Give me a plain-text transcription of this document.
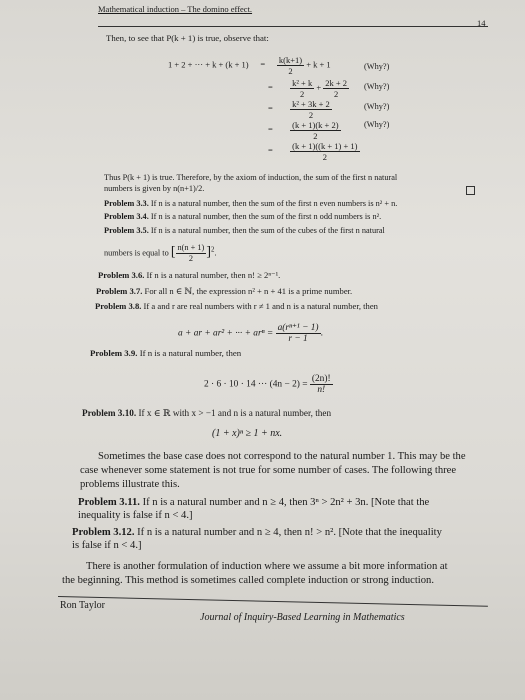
Mathematical induction – The domino effect.
14
Then, to see that P(k + 1) is true, observe that:
1 + 2 + ··· + $k + (k + 1) = \frac{k(k+1)}{2} + k + 1$	(Why?)
= $\frac{\text{k² + k}}{2} + \frac{2k + 2}{2}$ (Why?)
= $\frac{\text{k² + 3k + 2}}{2}$	(Why?)
= $\frac{(k + 1)(k + 2)}{2}$	(Why?)
= $\frac{(k + 1)((k + 1) + 1)}{2}$
Thus P(k + 1) is true. Therefore, by the axiom of induction, the sum of the first n natural
numbers is given by n(n+1)/2.
Problem 3.3. If n is a natural number, then the sum of the first n even numbers is n² + n.
Problem 3.4. If n is a natural number, then the sum of the first n odd numbers is n².
Problem 3.5. If n is a natural number, then the sum of the cubes of the first n natural
numbers is equal to [ $\frac{n(n + 1)}{2} ]^2$.
Problem 3.6. If n is a natural number, then n! ≥ 2ⁿ⁻¹.
Problem 3.7. For all n ∈ ℕ, the expression n² + n + 41 is a prime number.
Problem 3.8. If a and r are real numbers with r ≠ 1 and n is a natural number, then
a + ar + ar² + ··· + $ar^n = \frac{\text{a(rⁿ⁺¹ − 1)}}{r - 1}$ .
Problem 3.9. If n is a natural number, then
2 · 6 · 10 · 14 ··· $(4n - 2) = \frac{(2n)!}{n!}$
Problem 3.10. If x ∈ ℝ with x > −1 and n is a natural number, then
(1 + x)ⁿ ≥ 1 + nx.
Sometimes the base case does not correspond to the natural number 1. This may be the
case whenever some statement is not true for some number of cases. The following three
problems illustrate this.
Problem 3.11. If n is a natural number and n ≥ 4, then 3ⁿ > 2n² + 3n. [Note that the
inequality is false if n < 4.]
Problem 3.12. If n is a natural number and n ≥ 4, then n! > n². [Note that the inequality
is false if n < 4.]
There is another formulation of induction where we assume a bit more information at
the beginning. This method is sometimes called complete induction or strong induction.
Ron Taylor
Journal of Inquiry-Based Learning in Mathematics
